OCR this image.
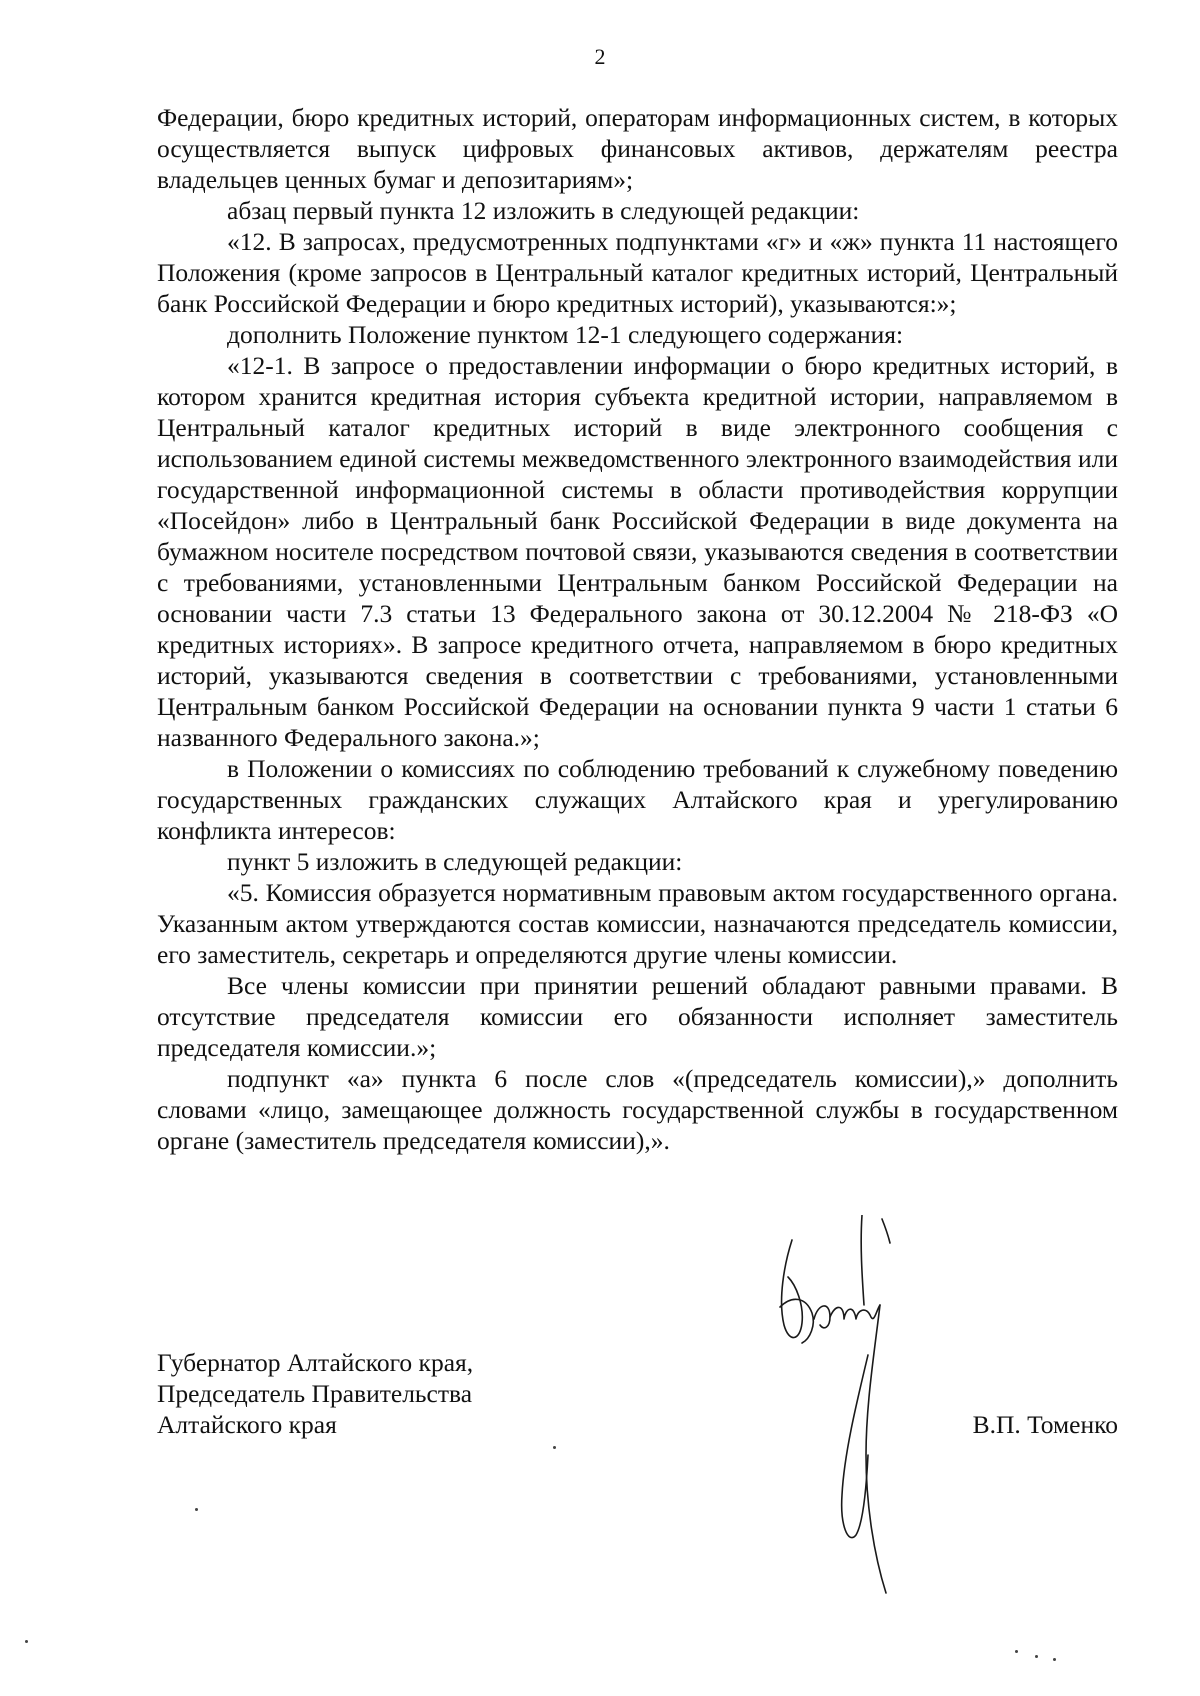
2

Федерации, бюро кредитных историй, операторам информационных систем, в которых осуществляется выпуск цифровых финансовых активов, держателям реестра владельцев ценных бумаг и депозитариям»;

абзац первый пункта 12 изложить в следующей редакции:

«12. В запросах, предусмотренных подпунктами «г» и «ж» пункта 11 настоящего Положения (кроме запросов в Центральный каталог кредитных историй, Центральный банк Российской Федерации и бюро кредитных историй), указываются:»;

дополнить Положение пунктом 12-1 следующего содержания:

«12-1. В запросе о предоставлении информации о бюро кредитных историй, в котором хранится кредитная история субъекта кредитной истории, направляемом в Центральный каталог кредитных историй в виде электронного сообщения с использованием единой системы межведомственного электронного взаимодействия или государственной информационной системы в области противодействия коррупции «Посейдон» либо в Центральный банк Российской Федерации в виде документа на бумажном носителе посредством почтовой связи, указываются сведения в соответствии с требованиями, установленными Центральным банком Российской Федерации на основании части 7.3 статьи 13 Федерального закона от 30.12.2004 № 218-ФЗ «О кредитных историях». В запросе кредитного отчета, направляемом в бюро кредитных историй, указываются сведения в соответствии с требованиями, установленными Центральным банком Российской Федерации на основании пункта 9 части 1 статьи 6 названного Федерального закона.»;

в Положении о комиссиях по соблюдению требований к служебному поведению государственных гражданских служащих Алтайского края и урегулированию конфликта интересов:

пункт 5 изложить в следующей редакции:

«5. Комиссия образуется нормативным правовым актом государственного органа. Указанным актом утверждаются состав комиссии, назначаются председатель комиссии, его заместитель, секретарь и определяются другие члены комиссии.

Все члены комиссии при принятии решений обладают равными правами. В отсутствие председателя комиссии его обязанности исполняет заместитель председателя комиссии.»;

подпункт «а» пункта 6 после слов «(председатель комиссии),» дополнить словами «лицо, замещающее должность государственной службы в государственном органе (заместитель председателя комиссии),».

Губернатор Алтайского края,
Председатель Правительства
Алтайского края	В.П. Томенко
